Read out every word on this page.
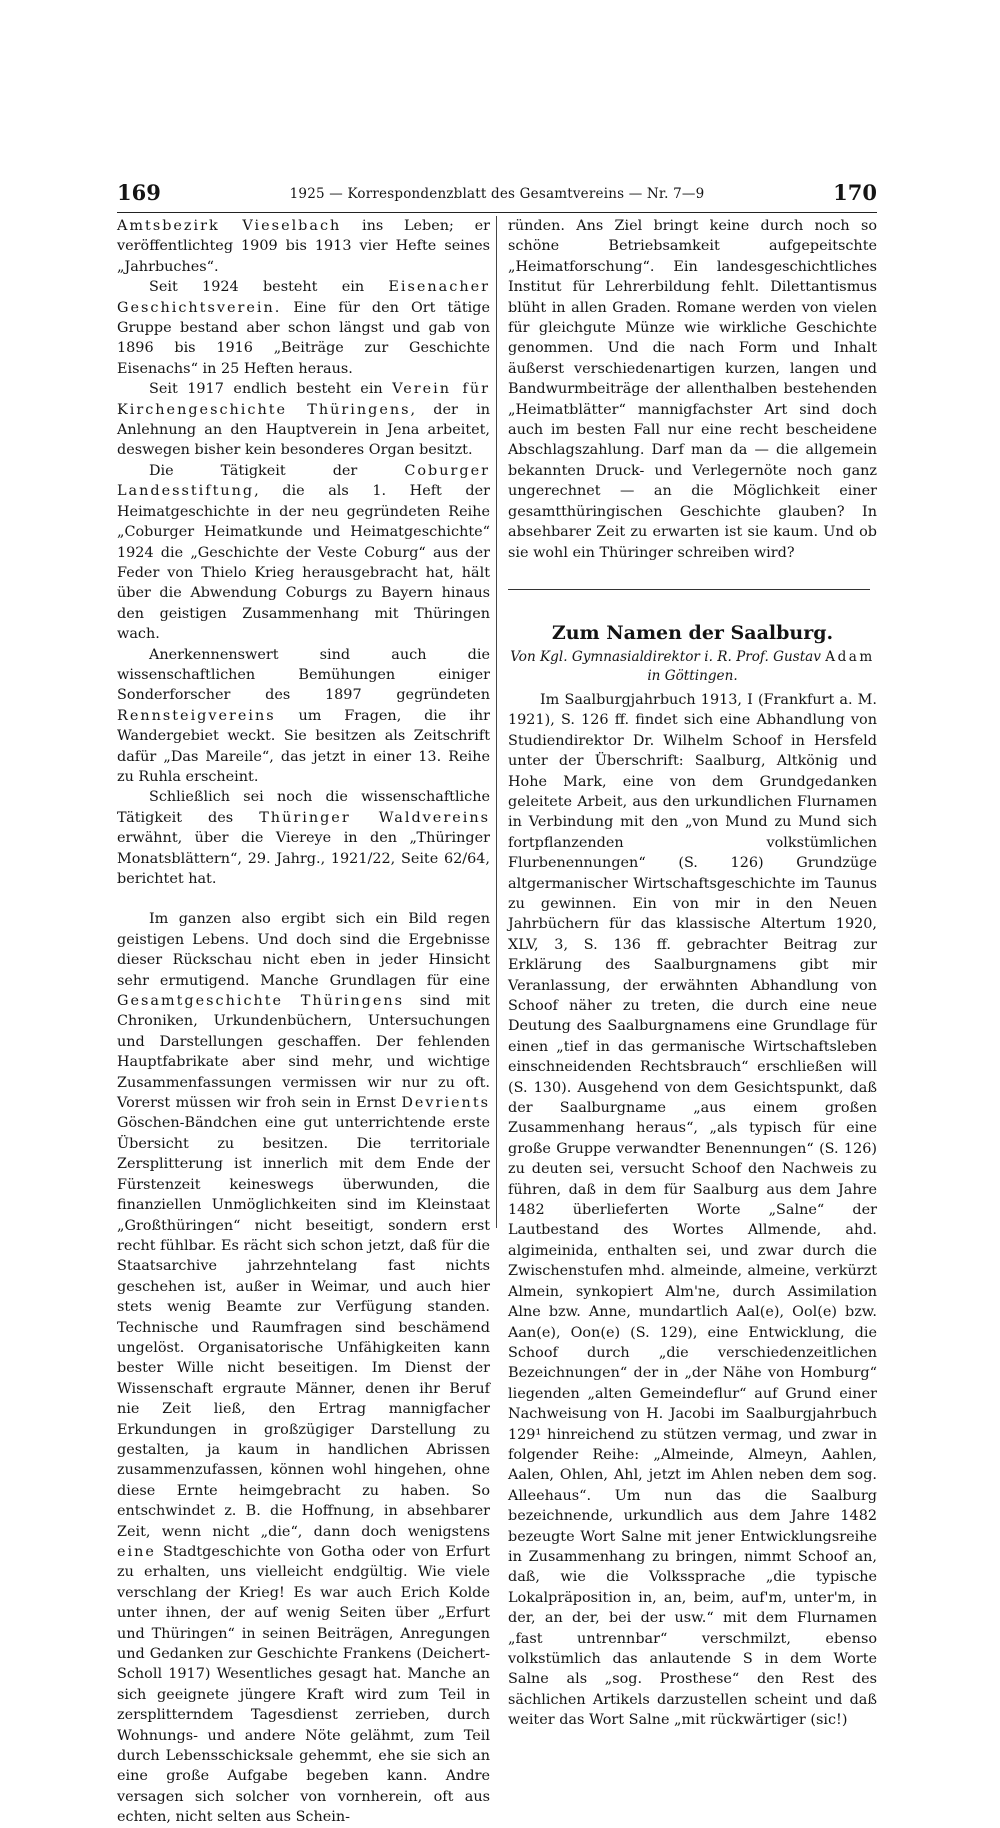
169	1925 — Korrespondenzblatt des Gesamtvereins — Nr. 7—9	170

Amtsbezirk Vieselbach ins Leben; er veröffentlichteg 1909 bis 1913 vier Hefte seines „Jahrbuches“.

Seit 1924 besteht ein Eisenacher Geschichtsverein. Eine für den Ort tätige Gruppe bestand aber schon längst und gab von 1896 bis 1916 „Beiträge zur Geschichte Eisenachs“ in 25 Heften heraus.

Seit 1917 endlich besteht ein Verein für Kirchengeschichte Thüringens, der in Anlehnung an den Hauptverein in Jena arbeitet, deswegen bisher kein besonderes Organ besitzt.

Die Tätigkeit der Coburger Landesstiftung, die als 1. Heft der Heimatgeschichte in der neu gegründeten Reihe „Coburger Heimatkunde und Heimatgeschichte“ 1924 die „Geschichte der Veste Coburg“ aus der Feder von Thielo Krieg herausgebracht hat, hält über die Abwendung Coburgs zu Bayern hinaus den geistigen Zusammenhang mit Thüringen wach.

Anerkennenswert sind auch die wissenschaftlichen Bemühungen einiger Sonderforscher des 1897 gegründeten Rennsteigvereins um Fragen, die ihr Wandergebiet weckt. Sie besitzen als Zeitschrift dafür „Das Mareile“, das jetzt in einer 13. Reihe zu Ruhla erscheint.

Schließlich sei noch die wissenschaftliche Tätigkeit des Thüringer Waldvereins erwähnt, über die Viereye in den „Thüringer Monatsblättern“, 29. Jahrg., 1921/22, Seite 62/64, berichtet hat.

Im ganzen also ergibt sich ein Bild regen geistigen Lebens. Und doch sind die Ergebnisse dieser Rückschau nicht eben in jeder Hinsicht sehr ermutigend. Manche Grundlagen für eine Gesamtgeschichte Thüringens sind mit Chroniken, Urkundenbüchern, Untersuchungen und Darstellungen geschaffen. Der fehlenden Hauptfabrikate aber sind mehr, und wichtige Zusammenfassungen vermissen wir nur zu oft. Vorerst müssen wir froh sein in Ernst Devrients Göschen-Bändchen eine gut unterrichtende erste Übersicht zu besitzen. Die territoriale Zersplitterung ist innerlich mit dem Ende der Fürstenzeit keineswegs überwunden, die finanziellen Unmöglichkeiten sind im Kleinstaat „Großthüringen“ nicht beseitigt, sondern erst recht fühlbar. Es rächt sich schon jetzt, daß für die Staatsarchive jahrzehntelang fast nichts geschehen ist, außer in Weimar, und auch hier stets wenig Beamte zur Verfügung standen. Technische und Raumfragen sind beschämend ungelöst. Organisatorische Unfähigkeiten kann bester Wille nicht beseitigen. Im Dienst der Wissenschaft ergraute Männer, denen ihr Beruf nie Zeit ließ, den Ertrag mannigfacher Erkundungen in großzügiger Darstellung zu gestalten, ja kaum in handlichen Abrissen zusammenzufassen, können wohl hingehen, ohne diese Ernte heimgebracht zu haben. So entschwindet z. B. die Hoffnung, in absehbarer Zeit, wenn nicht „die“, dann doch wenigstens eine Stadtgeschichte von Gotha oder von Erfurt zu erhalten, uns vielleicht endgültig. Wie viele verschlang der Krieg! Es war auch Erich Kolde unter ihnen, der auf wenig Seiten über „Erfurt und Thüringen“ in seinen Beiträgen, Anregungen und Gedanken zur Geschichte Frankens (Deichert-Scholl 1917) Wesentliches gesagt hat. Manche an sich geeignete jüngere Kraft wird zum Teil in zersplitterndem Tagesdienst zerrieben, durch Wohnungs- und andere Nöte gelähmt, zum Teil durch Lebensschicksale gehemmt, ehe sie sich an eine große Aufgabe begeben kann. Andre versagen sich solcher von vornherein, oft aus echten, nicht selten aus Schein-

ründen. Ans Ziel bringt keine durch noch so schöne Betriebsamkeit aufgepeitschte „Heimatforschung“. Ein landesgeschichtliches Institut für Lehrerbildung fehlt. Dilettantismus blüht in allen Graden. Romane werden von vielen für gleichgute Münze wie wirkliche Geschichte genommen. Und die nach Form und Inhalt äußerst verschiedenartigen kurzen, langen und Bandwurmbeiträge der allenthalben bestehenden „Heimatblätter“ mannigfachster Art sind doch auch im besten Fall nur eine recht bescheidene Abschlagszahlung. Darf man da — die allgemein bekannten Druck- und Verlegernöte noch ganz ungerechnet — an die Möglichkeit einer gesamtthüringischen Geschichte glauben? In absehbarer Zeit zu erwarten ist sie kaum. Und ob sie wohl ein Thüringer schreiben wird?

Zum Namen der Saalburg.
Von Kgl. Gymnasialdirektor i. R. Prof. Gustav Adam in Göttingen.

Im Saalburgjahrbuch 1913, I (Frankfurt a. M. 1921), S. 126 ff. findet sich eine Abhandlung von Studiendirektor Dr. Wilhelm Schoof in Hersfeld unter der Überschrift: Saalburg, Altkönig und Hohe Mark, eine von dem Grundgedanken geleitete Arbeit, aus den urkundlichen Flurnamen in Verbindung mit den „von Mund zu Mund sich fortpflanzenden volkstümlichen Flurbenennungen“ (S. 126) Grundzüge altgermanischer Wirtschaftsgeschichte im Taunus zu gewinnen. Ein von mir in den Neuen Jahrbüchern für das klassische Altertum 1920, XLV, 3, S. 136 ff. gebrachter Beitrag zur Erklärung des Saalburgnamens gibt mir Veranlassung, der erwähnten Abhandlung von Schoof näher zu treten, die durch eine neue Deutung des Saalburgnamens eine Grundlage für einen „tief in das germanische Wirtschaftsleben einschneidenden Rechtsbrauch“ erschließen will (S. 130). Ausgehend von dem Gesichtspunkt, daß der Saalburgname „aus einem großen Zusammenhang heraus“, „als typisch für eine große Gruppe verwandter Benennungen“ (S. 126) zu deuten sei, versucht Schoof den Nachweis zu führen, daß in dem für Saalburg aus dem Jahre 1482 überlieferten Worte „Salne“ der Lautbestand des Wortes Allmende, ahd. algimeinida, enthalten sei, und zwar durch die Zwischenstufen mhd. almeinde, almeine, verkürzt Almein, synkopiert Alm'ne, durch Assimilation Alne bzw. Anne, mundartlich Aal(e), Ool(e) bzw. Aan(e), Oon(e) (S. 129), eine Entwicklung, die Schoof durch „die verschiedenzeitlichen Bezeichnungen“ der in „der Nähe von Homburg“ liegenden „alten Gemeindeflur“ auf Grund einer Nachweisung von H. Jacobi im Saalburgjahrbuch 129¹ hinreichend zu stützen vermag, und zwar in folgender Reihe: „Almeinde, Almeyn, Aahlen, Aalen, Ohlen, Ahl, jetzt im Ahlen neben dem sog. Alleehaus“. Um nun das die Saalburg bezeichnende, urkundlich aus dem Jahre 1482 bezeugte Wort Salne mit jener Entwicklungsreihe in Zusammenhang zu bringen, nimmt Schoof an, daß, wie die Volkssprache „die typische Lokalpräposition in, an, beim, auf'm, unter'm, in der, an der, bei der usw.“ mit dem Flurnamen „fast untrennbar“ verschmilzt, ebenso volkstümlich das anlautende S in dem Worte Salne als „sog. Prosthese“ den Rest des sächlichen Artikels darzustellen scheint und daß weiter das Wort Salne „mit rückwärtiger (sic!)
